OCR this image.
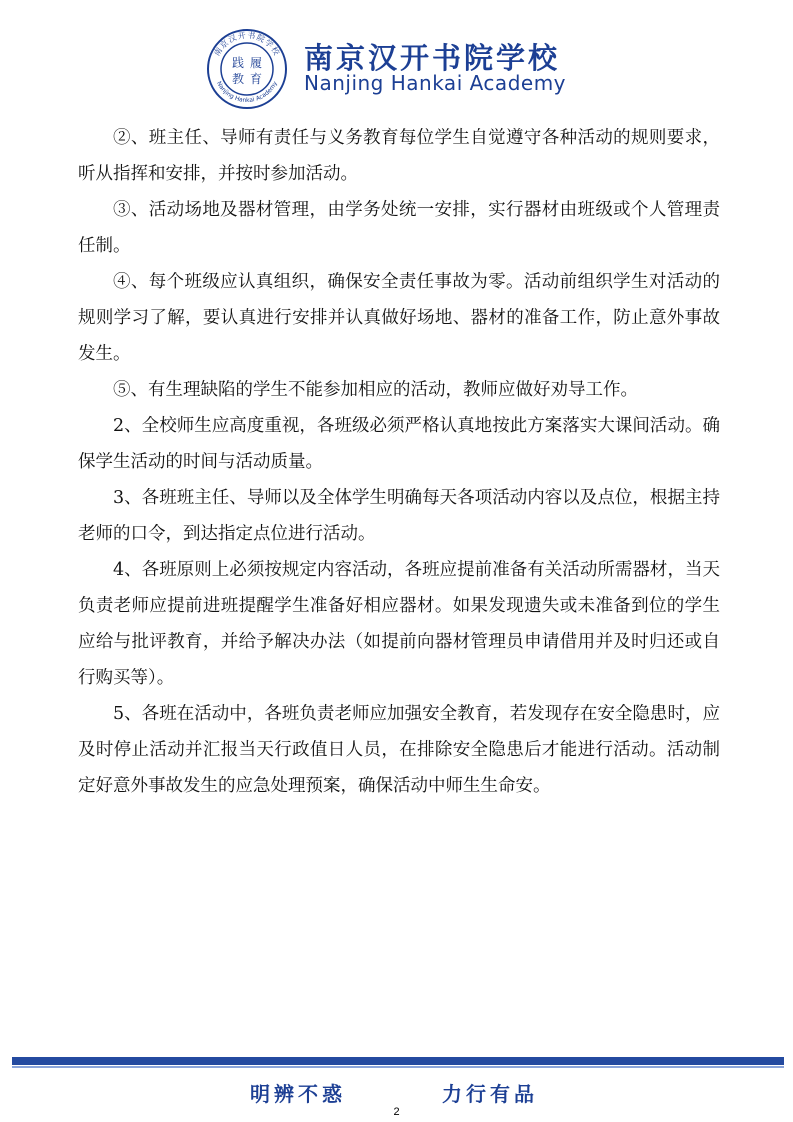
南京汉开书院学校
Nanjing Hankai Academy
践 履
教 育
南京汉开书院学校
Nanjing Hankai Academy

②、班主任、导师有责任与义务教育每位学生自觉遵守各种活动的规则要求，听从指挥和安排，并按时参加活动。

③、活动场地及器材管理，由学务处统一安排，实行器材由班级或个人管理责任制。

④、每个班级应认真组织，确保安全责任事故为零。活动前组织学生对活动的规则学习了解，要认真进行安排并认真做好场地、器材的准备工作，防止意外事故发生。

⑤、有生理缺陷的学生不能参加相应的活动，教师应做好劝导工作。

2、全校师生应高度重视，各班级必须严格认真地按此方案落实大课间活动。确保学生活动的时间与活动质量。

3、各班班主任、导师以及全体学生明确每天各项活动内容以及点位，根据主持老师的口令，到达指定点位进行活动。

4、各班原则上必须按规定内容活动，各班应提前准备有关活动所需器材，当天负责老师应提前进班提醒学生准备好相应器材。如果发现遗失或未准备到位的学生应给与批评教育，并给予解决办法（如提前向器材管理员申请借用并及时归还或自行购买等）。

5、各班在活动中，各班负责老师应加强安全教育，若发现存在安全隐患时，应及时停止活动并汇报当天行政值日人员，在排除安全隐患后才能进行活动。活动制定好意外事故发生的应急处理预案，确保活动中师生生命安。

明辨不惑	力行有品
2
